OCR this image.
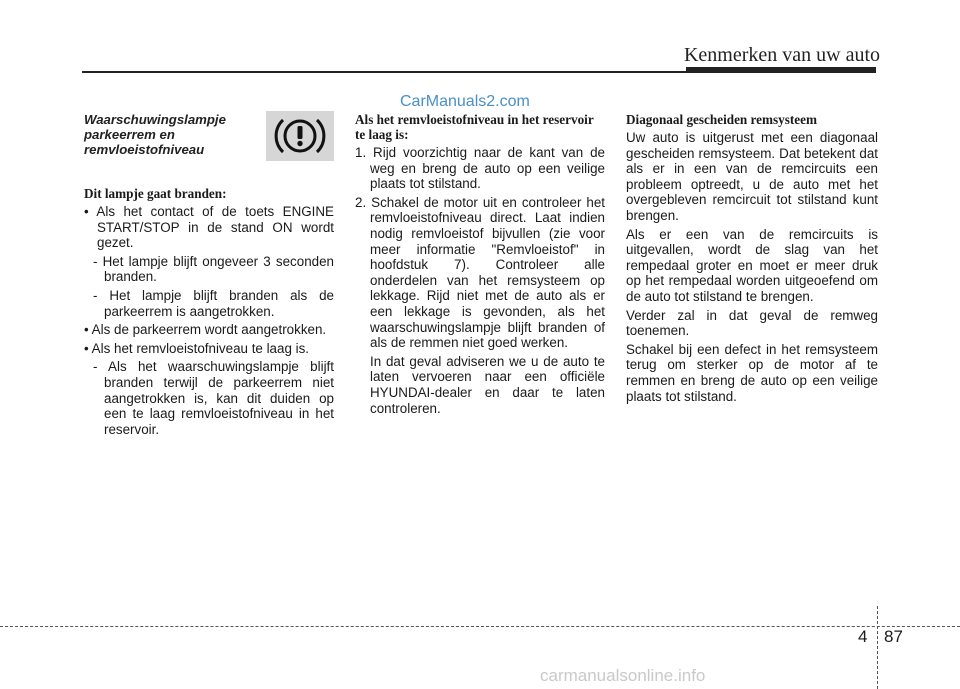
Kenmerken van uw auto
CarManuals2.com
Waarschuwingslampje parkeerrem en remvloeistofniveau

Dit lampje gaat branden:

• Als het contact of de toets ENGINE START/STOP in de stand ON wordt gezet.

- Het lampje blijft ongeveer 3 seconden branden.

- Het lampje blijft branden als de parkeerrem is aangetrokken.

• Als de parkeerrem wordt aangetrokken.

• Als het remvloeistofniveau te laag is.

- Als het waarschuwingslampje blijft branden terwijl de parkeerrem niet aangetrokken is, kan dit duiden op een te laag remvloeistofniveau in het reservoir.

Als het remvloeistofniveau in het reservoir te laag is:

1. Rijd voorzichtig naar de kant van de weg en breng de auto op een veilige plaats tot stilstand.

2. Schakel de motor uit en controleer het remvloeistofniveau direct. Laat indien nodig remvloeistof bijvullen (zie voor meer informatie "Remvloeistof" in hoofdstuk 7). Controleer alle onderdelen van het remsysteem op lekkage. Rijd niet met de auto als er een lekkage is gevonden, als het waarschuwingslampje blijft branden of als de remmen niet goed werken.

In dat geval adviseren we u de auto te laten vervoeren naar een officiële HYUNDAI-dealer en daar te laten controleren.

Diagonaal gescheiden remsysteem

Uw auto is uitgerust met een diagonaal gescheiden remsysteem. Dat betekent dat als er in een van de remcircuits een probleem optreedt, u de auto met het overgebleven remcircuit tot stilstand kunt brengen.

Als er een van de remcircuits is uitgevallen, wordt de slag van het rempedaal groter en moet er meer druk op het rempedaal worden uitgeoefend om de auto tot stilstand te brengen.

Verder zal in dat geval de remweg toenemen.

Schakel bij een defect in het remsysteem terug om sterker op de motor af te remmen en breng de auto op een veilige plaats tot stilstand.

4 87
carmanualsonline.info
